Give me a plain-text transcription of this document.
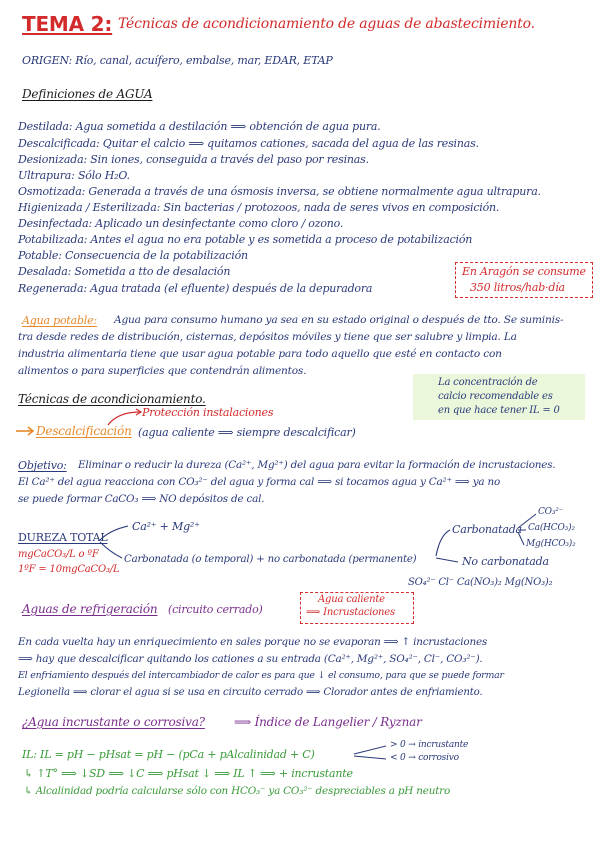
TEMA 2: Técnicas de acondicionamiento de aguas de abastecimiento.
ORIGEN: Río, canal, acuífero, embalse, mar, EDAR, ETAP
Definiciones de AGUA
Destilada: Agua sometida a destilación ⟹ obtención de agua pura.
Descalcificada: Quitar el calcio ⟹ quitamos cationes, sacada del agua de las resinas.
Desionizada: Sin iones, conseguida a través del paso por resinas.
Ultrapura: Sólo H₂O.
Osmotizada: Generada a través de una ósmosis inversa, se obtiene normalmente agua ultrapura.
Higienizada / Esterilizada: Sin bacterias / protozoos, nada de seres vivos en composición.
Desinfectada: Aplicado un desinfectante como cloro / ozono.
Potabilizada: Antes el agua no era potable y es sometida a proceso de potabilización
Potable: Consecuencia de la potabilización
Desalada: Sometida a tto de desalación
Regenerada: Agua tratada (el efluente) después de la depuradora
En Aragón se consume
350 litros/hab·día
Agua potable: Agua para consumo humano ya sea en su estado original o después de tto. Se suminis-
tra desde redes de distribución, cisternas, depósitos móviles y tiene que ser salubre y limpia. La
industria alimentaria tiene que usar agua potable para todo aquello que esté en contacto con
alimentos o para superficies que contendrán alimentos.
Técnicas de acondicionamiento.
La concentración de
calcio recomendable es
en que hace tener IL = 0
Protección instalaciones
Descalcificación (agua caliente ⟹ siempre descalcificar)
Objetivo: Eliminar o reducir la dureza (Ca²⁺, Mg²⁺) del agua para evitar la formación de incrustaciones.
El Ca²⁺ del agua reacciona con CO₃²⁻ del agua y forma cal ⟹ si tocamos agua y Ca²⁺ ⟹ ya no
se puede formar CaCO₃ ⟹ NO depósitos de cal.
DUREZA TOTAL
mgCaCO₃/L o ºF
1ºF = 10mgCaCO₃/L
Ca²⁺ + Mg²⁺
Carbonatada (o temporal) + no carbonatada (permanente)
Carbonatada
CO₃²⁻
Ca(HCO₃)₂
Mg(HCO₃)₂
No carbonatada
SO₄²⁻ Cl⁻ Ca(NO₃)₂ Mg(NO₃)₂
Aguas de refrigeración (circuito cerrado)
Agua caliente
⟹ Incrustaciones
En cada vuelta hay un enriquecimiento en sales porque no se evaporan ⟹ ↑ incrustaciones
⟹ hay que descalcificar quitando los cationes a su entrada (Ca²⁺, Mg²⁺, SO₄²⁻, Cl⁻, CO₃²⁻).
El enfriamiento después del intercambiador de calor es para que ↓ el consumo, para que se puede formar
Legionella ⟹ clorar el agua si se usa en circuito cerrado ⟹ Clorador antes de enfriamiento.
¿Agua incrustante o corrosiva? ⟹ Índice de Langelier / Ryznar
IL: IL = pH − pHsat = pH − (pCa + pAlcalinidad + C)
> 0 → incrustante
< 0 → corrosivo
↳ ↑T° ⟹ ↓SD ⟹ ↓C ⟹ pHsat ↓ ⟹ IL ↑ ⟹ + incrustante
↳ Alcalinidad podría calcularse sólo con HCO₃⁻ ya CO₃²⁻ despreciables a pH neutro
